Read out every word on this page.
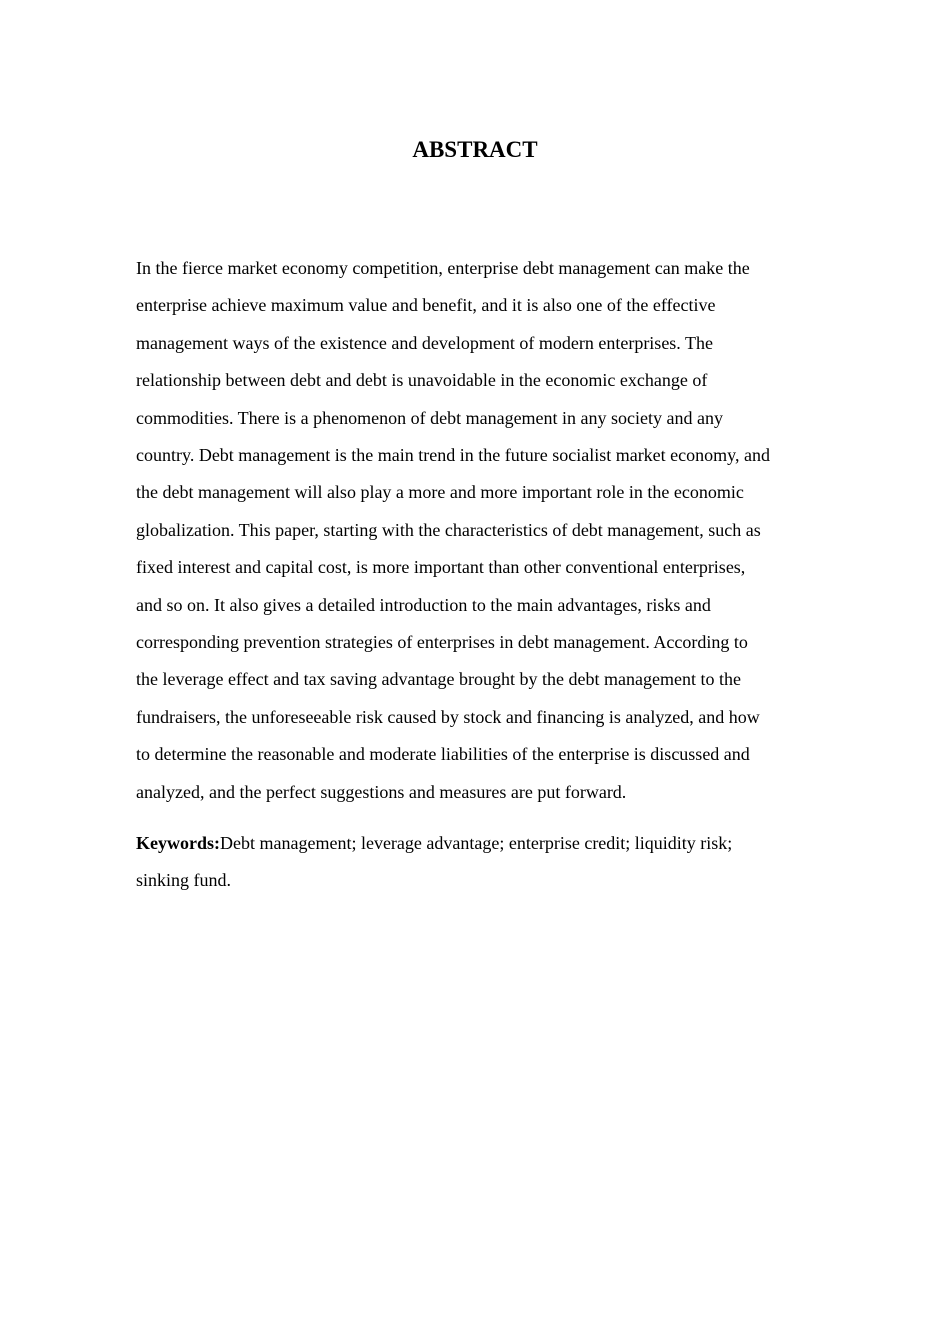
ABSTRACT
In the fierce market economy competition, enterprise debt management can make the
enterprise achieve maximum value and benefit, and it is also one of the effective
management ways of the existence and development of modern enterprises. The
relationship between debt and debt is unavoidable in the economic exchange of
commodities. There is a phenomenon of debt management in any society and any
country. Debt management is the main trend in the future socialist market economy, and
the debt management will also play a more and more important role in the economic
globalization. This paper, starting with the characteristics of debt management, such as
fixed interest and capital cost, is more important than other conventional enterprises,
and so on. It also gives a detailed introduction to the main advantages, risks and
corresponding prevention strategies of enterprises in debt management. According to
the leverage effect and tax saving advantage brought by the debt management to the
fundraisers, the unforeseeable risk caused by stock and financing is analyzed, and how
to determine the reasonable and moderate liabilities of the enterprise is discussed and
analyzed, and the perfect suggestions and measures are put forward.
Keywords:Debt management; leverage advantage; enterprise credit; liquidity risk;
sinking fund.
